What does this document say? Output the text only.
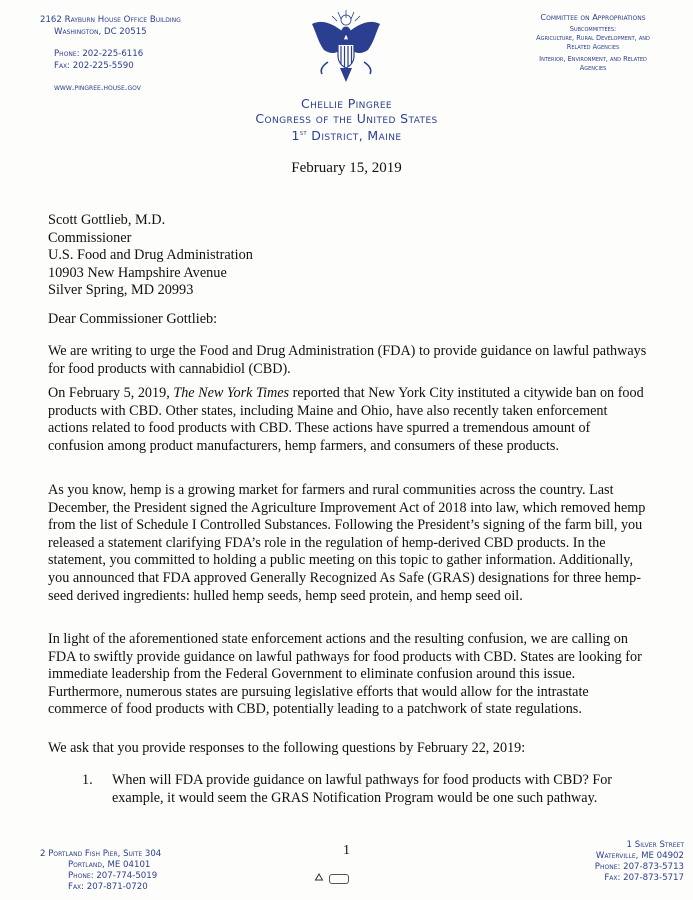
2162 Rayburn House Office Building
Washington, DC 20515
Phone: 202-225-6116
Fax: 202-225-5590
www.pingree.house.gov
Committee on Appropriations
Subcommittees:
Agriculture, Rural Development, and
Related Agencies
Interior, Environment, and Related
Agencies
Chellie Pingree
Congress of the United States
1st District, Maine
February 15, 2019
Scott Gottlieb, M.D.
Commissioner
U.S. Food and Drug Administration
10903 New Hampshire Avenue
Silver Spring, MD 20993
Dear Commissioner Gottlieb:
We are writing to urge the Food and Drug Administration (FDA) to provide guidance on lawful pathways for food products with cannabidiol (CBD).
On February 5, 2019, The New York Times reported that New York City instituted a citywide ban on food products with CBD. Other states, including Maine and Ohio, have also recently taken enforcement actions related to food products with CBD. These actions have spurred a tremendous amount of confusion among product manufacturers, hemp farmers, and consumers of these products.
As you know, hemp is a growing market for farmers and rural communities across the country. Last December, the President signed the Agriculture Improvement Act of 2018 into law, which removed hemp from the list of Schedule I Controlled Substances. Following the President’s signing of the farm bill, you released a statement clarifying FDA’s role in the regulation of hemp-derived CBD products. In the statement, you committed to holding a public meeting on this topic to gather information. Additionally, you announced that FDA approved Generally Recognized As Safe (GRAS) designations for three hemp-seed derived ingredients: hulled hemp seeds, hemp seed protein, and hemp seed oil.
In light of the aforementioned state enforcement actions and the resulting confusion, we are calling on FDA to swiftly provide guidance on lawful pathways for food products with CBD. States are looking for immediate leadership from the Federal Government to eliminate confusion around this issue. Furthermore, numerous states are pursuing legislative efforts that would allow for the intrastate commerce of food products with CBD, potentially leading to a patchwork of state regulations.
We ask that you provide responses to the following questions by February 22, 2019:
1. When will FDA provide guidance on lawful pathways for food products with CBD? For example, it would seem the GRAS Notification Program would be one such pathway.
2 Portland Fish Pier, Suite 304
Portland, ME 04101
Phone: 207-774-5019
Fax: 207-871-0720
1
	1 Silver Street
Waterville, ME 04902
Phone: 207-873-5713
Fax: 207-873-5717
